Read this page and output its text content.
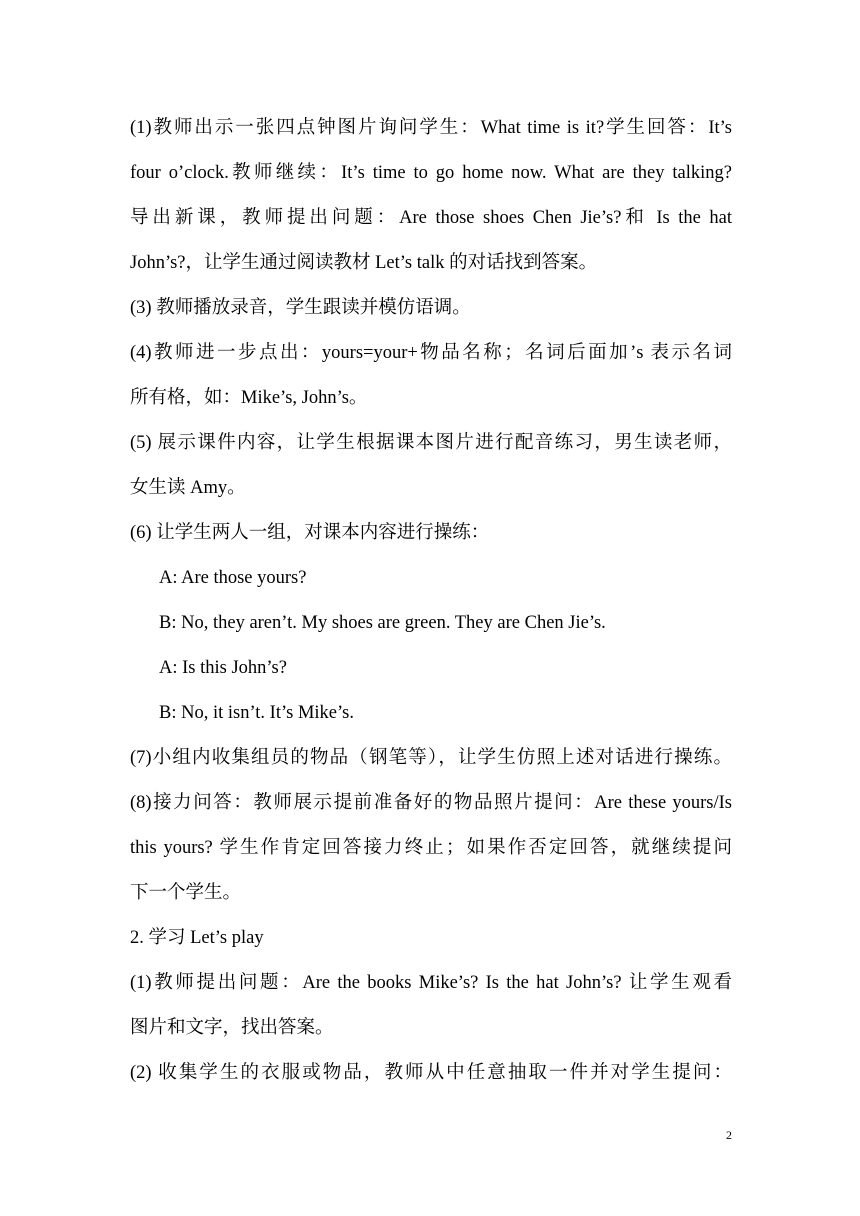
(1)教师出示一张四点钟图片询问学生：What time is it?学生回答：It’s
four o’clock.教师继续：It’s time to go home now. What are they talking?
导出新课，教师提出问题：Are those shoes Chen Jie’s?和 Is the hat
John’s?，让学生通过阅读教材 Let’s talk 的对话找到答案。
(3) 教师播放录音，学生跟读并模仿语调。
(4)教师进一步点出：yours=your+物品名称；名词后面加’s 表示名词
所有格，如：Mike’s, John’s。
(5) 展示课件内容，让学生根据课本图片进行配音练习，男生读老师，
女生读 Amy。
(6) 让学生两人一组，对课本内容进行操练：
A: Are those yours?
B: No, they aren’t. My shoes are green. They are Chen Jie’s.
A: Is this John’s?
B: No, it isn’t. It’s Mike’s.
(7)小组内收集组员的物品（钢笔等），让学生仿照上述对话进行操练。
(8)接力问答：教师展示提前准备好的物品照片提问：Are these yours/Is
this yours? 学生作肯定回答接力终止；如果作否定回答，就继续提问
下一个学生。
2. 学习 Let’s play
(1)教师提出问题：Are the books Mike’s? Is the hat John’s? 让学生观看
图片和文字，找出答案。
(2) 收集学生的衣服或物品，教师从中任意抽取一件并对学生提问：
2
